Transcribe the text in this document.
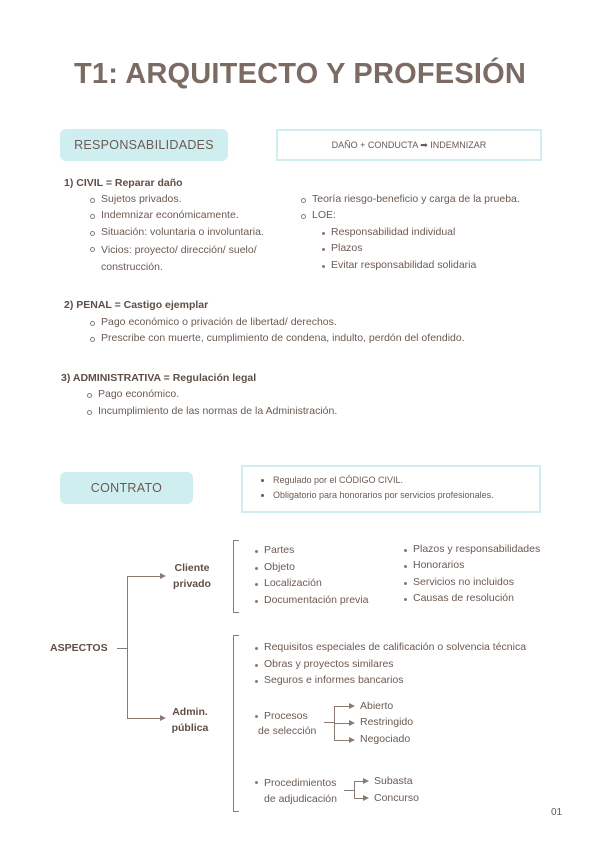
T1: ARQUITECTO Y PROFESIÓN
RESPONSABILIDADES	DAÑO + CONDUCTA ➡ INDEMNIZAR
1) CIVIL = Reparar daño
Sujetos privados.
Indemnizar económicamente.
Situación: voluntaria o involuntaria.
Vicios: proyecto/ dirección/ suelo/ construcción.
Teoría riesgo-beneficio y carga de la prueba.
LOE:
Responsabilidad individual
Plazos
Evitar responsabilidad solidaria
2) PENAL = Castigo ejemplar
Pago económico o privación de libertad/ derechos.
Prescribe con muerte, cumplimiento de condena, indulto, perdón del ofendido.
3) ADMINISTRATIVA = Regulación legal
Pago económico.
Incumplimiento de las normas de la Administración.
CONTRATO
• Regulado por el CÓDIGO CIVIL.
• Obligatorio para honorarios por servicios profesionales.
ASPECTOS
Cliente
privado
Partes
Objeto
Localización
Documentación previa
Plazos y responsabilidades
Honorarios
Servicios no incluidos
Causas de resolución
Admin.
pública
Requisitos especiales de calificación o solvencia técnica
Obras y proyectos similares
Seguros e informes bancarios
Procesos
de selección
Abierto
Restringido
Negociado
Procedimientos
de adjudicación
Subasta
Concurso
01
